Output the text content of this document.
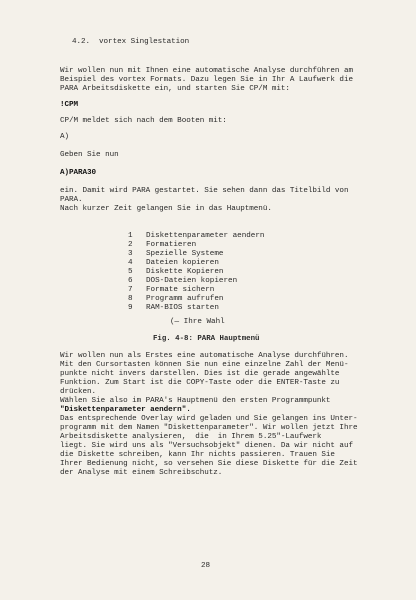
4.2.  vortex Singlestation
Wir wollen nun mit Ihnen eine automatische Analyse durchführen am
Beispiel des vortex Formats. Dazu legen Sie in Ihr A Laufwerk die
PARA Arbeitsdiskette ein, und starten Sie CP/M mit:
!CPM
CP/M meldet sich nach dem Booten mit:
A)
Geben Sie nun
A)PARA30
ein. Damit wird PARA gestartet. Sie sehen dann das Titelbild von
PARA.
Nach kurzer Zeit gelangen Sie in das Hauptmenü.
1 Diskettenparameter aendern
2 Formatieren
3 Spezielle Systeme
4 Dateien kopieren
5 Diskette Kopieren
6 DOS-Dateien kopieren
7 Formate sichern
8 Programm aufrufen
9 RAM-BIOS starten
(— Ihre Wahl
Fig. 4-8: PARA Hauptmenü
Wir wollen nun als Erstes eine automatische Analyse durchführen.
Mit den Cursortasten können Sie nun eine einzelne Zahl der Menü-
punkte nicht invers darstellen. Dies ist die gerade angewählte
Funktion. Zum Start ist die COPY-Taste oder die ENTER-Taste zu
drücken.
Wählen Sie also im PARA's Hauptmenü den ersten Programmpunkt
"Diskettenparameter aendern".
Das entsprechende Overlay wird geladen und Sie gelangen ins Unter-
programm mit dem Namen "Diskettenparameter". Wir wollen jetzt Ihre
Arbeitsdiskette analysieren,  die  in Ihrem 5.25"-Laufwerk
liegt. Sie wird uns als "Versuchsobjekt" dienen. Da wir nicht auf
die Diskette schreiben, kann Ihr nichts passieren. Trauen Sie
Ihrer Bedienung nicht, so versehen Sie diese Diskette für die Zeit
der Analyse mit einem Schreibschutz.
28
